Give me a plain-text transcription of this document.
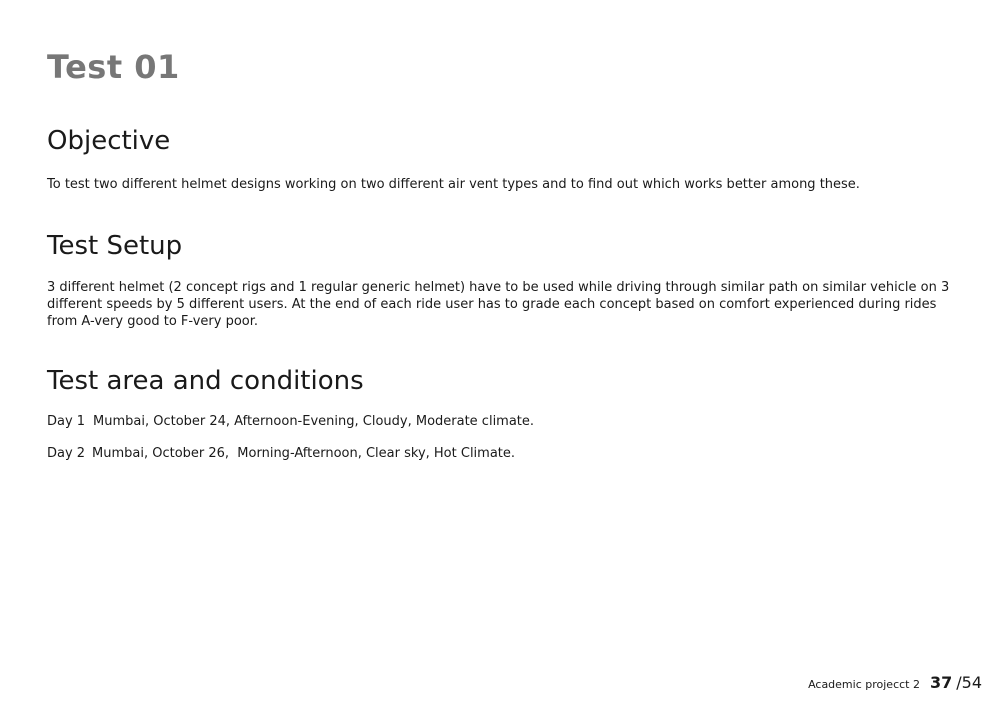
Test 01
Objective

To test two different helmet designs working on two different air vent types and to find out which works better among these.

Test Setup

3 different helmet (2 concept rigs and 1 regular generic helmet) have to be used while driving through similar path on similar vehicle on 3 different speeds by 5 different users. At the end of each ride user has to grade each concept based on comfort experienced during rides from A-very good to F-very poor.

Test area and conditions

Day 1 Mumbai, October 24, Afternoon-Evening, Cloudy, Moderate climate.

Day 2 Mumbai, October 26,  Morning-Afternoon, Clear sky, Hot Climate.

Academic projecct 2 37 / 54
